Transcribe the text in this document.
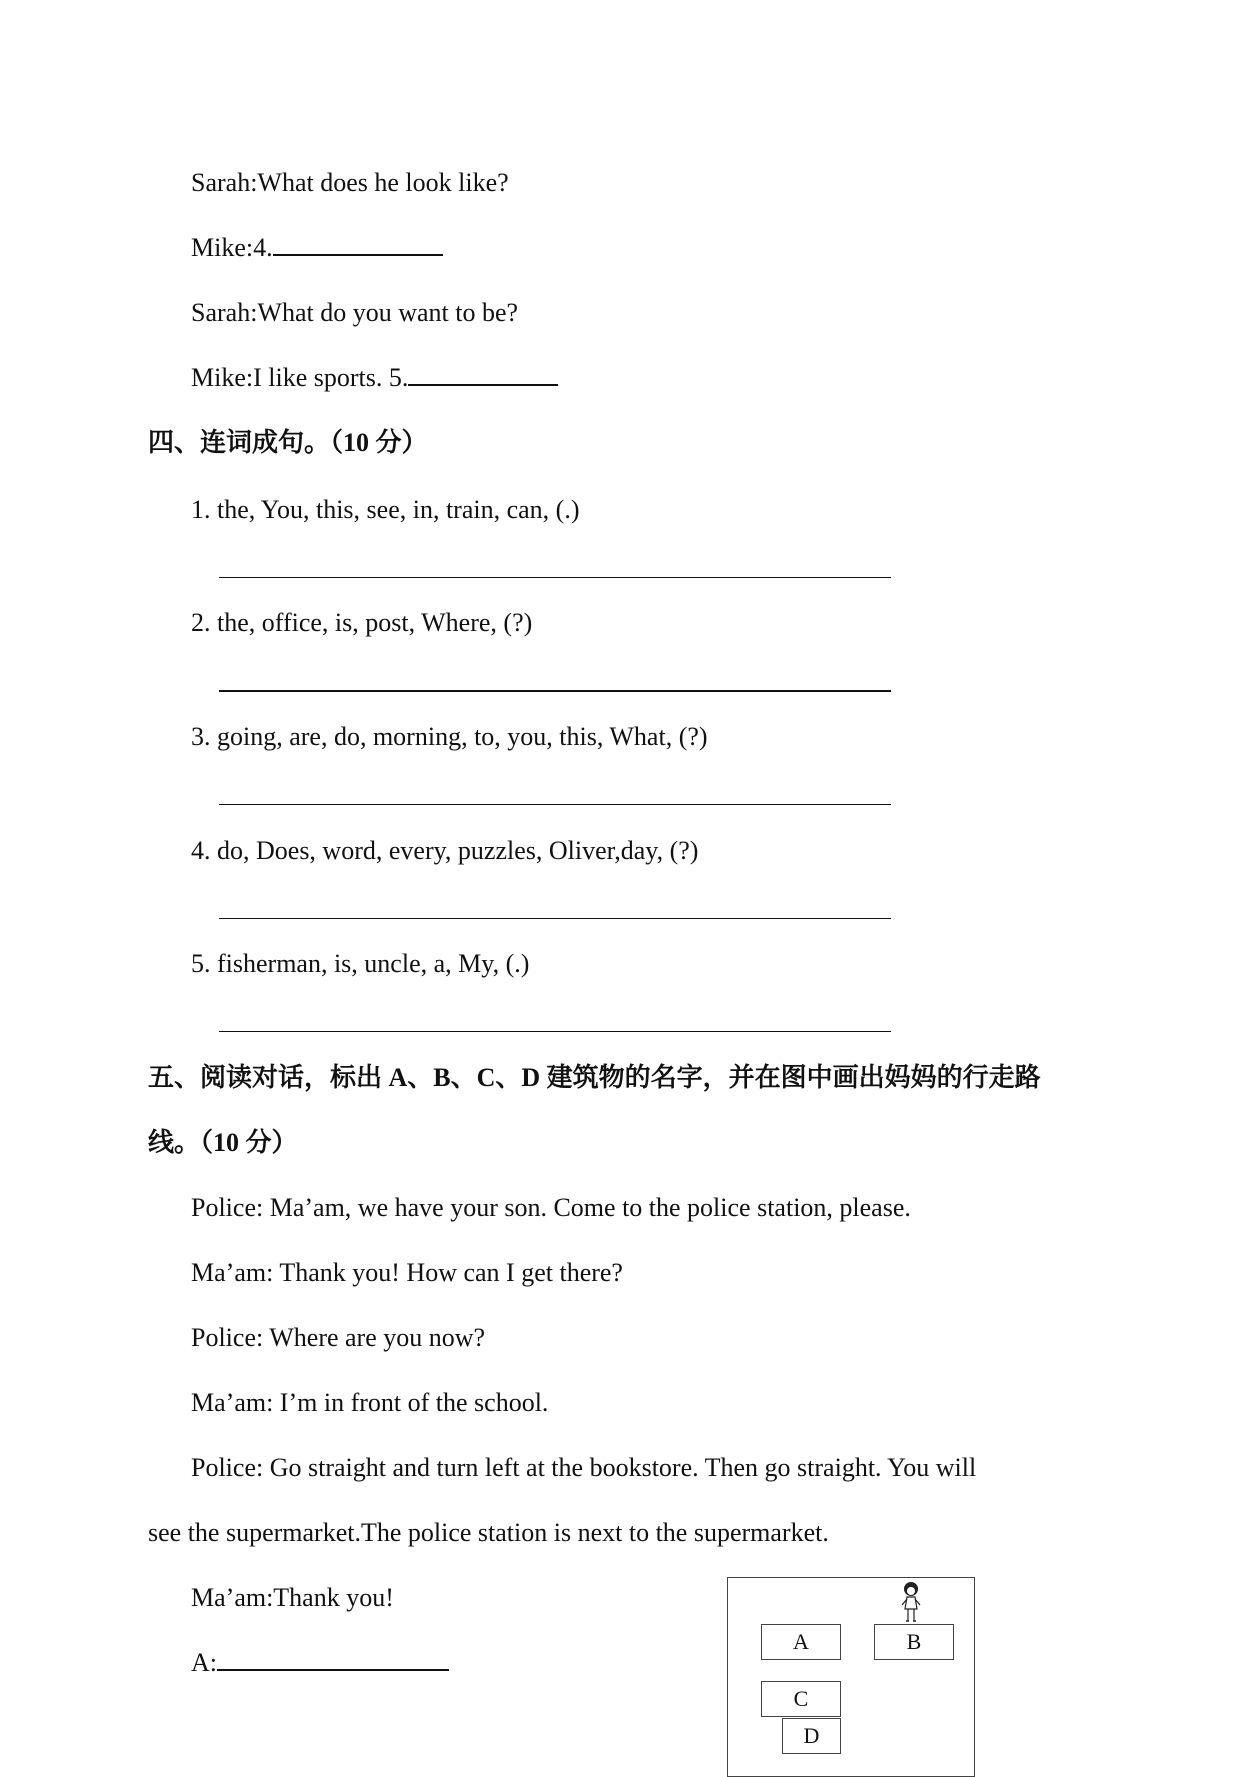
Sarah:What does he look like?
Mike:4.
Sarah:What do you want to be?
Mike:I like sports. 5.
四、连词成句。（10 分）
1. the, You, this, see, in, train, can, (.)
2. the, office, is, post, Where, (?)
3. going, are, do, morning, to, you, this, What, (?)
4. do, Does, word, every, puzzles, Oliver,day, (?)
5. fisherman, is, uncle, a, My, (.)
五、阅读对话，标出 A、B、C、D 建筑物的名字，并在图中画出妈妈的行走路
线。（10 分）
Police: Ma’am, we have your son. Come to the police station, please.
Ma’am: Thank you! How can I get there?
Police: Where are you now?
Ma’am: I’m in front of the school.
Police: Go straight and turn left at the bookstore. Then go straight. You will
see the supermarket.The police station is next to the supermarket.
Ma’am:Thank you!
A:
A	B
C
D
